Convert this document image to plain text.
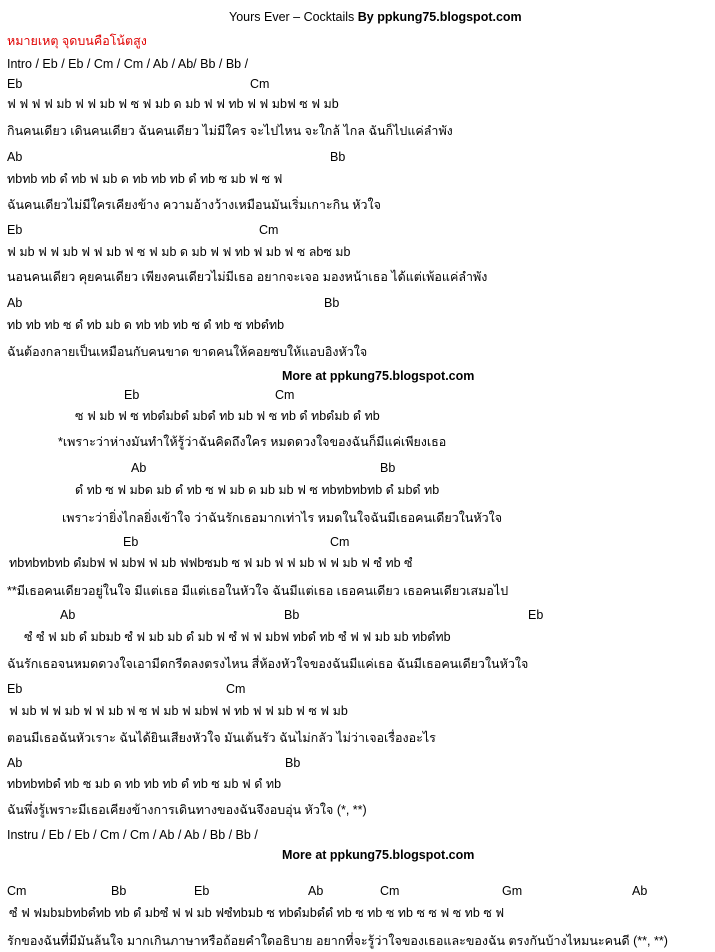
Yours Ever – Cocktails By ppkung75.blogspot.com
หมายเหตุ จุดบนคือโน้ตสูง
Intro / Eb / Eb / Cm / Cm / Ab / Ab/ Bb / Bb /
Eb	Cm
ฟ ฟ ฟ ฟ มb ฟ ฟ มb ฟ ซ ฟ มb ด มb ฟ ฟ ทb ฟ ฟ มbฟ ซ ฟ มb
กินคนเดียว เดินคนเดียว ฉันคนเดียว ไม่มีใคร จะไปไหน จะใกล้ ไกล ฉันก็ไปแค่ลำพัง
Ab	Bb
ทbทb ทb ดํ ทb ฟ มb ด ทb ทb ทb ดํ ทb ซ มb ฟ ซ ฟ
ฉันคนเดียวไม่มีใครเคียงข้าง ความอ้างว้างเหมือนมันเริ่มเกาะกิน หัวใจ
Eb	Cm
ฟ มb ฟ ฟ มb ฟ ฟ มb ฟ ซ ฟ มb ด มb ฟ ฟ ทb ฟ มb ฟ ซ ลbซ มb
นอนคนเดียว คุยคนเดียว เพียงคนเดียวไม่มีเธอ อยากจะเจอ มองหน้าเธอ ได้แต่เพ้อแค่ลำพัง
Ab	Bb
ทb ทb ทb ซ ดํ ทb มb ด ทb ทb ทb ซ ดํ ทb ซ ทbดํทb
ฉันต้องกลายเป็นเหมือนกับคนขาด ขาดคนให้คอยซบให้แอบอิงหัวใจ
More at ppkung75.blogspot.com
Eb	Cm
ซ ฟ มb ฟ ซ ทbดํมbดํ มbดํ ทb มb ฟ ซ ทb ดํ ทbดํมb ดํ ทb
*เพราะว่าห่างมันทำให้รู้ว่าฉันคิดถึงใคร หมดดวงใจของฉันก็มีแค่เพียงเธอ
Ab	Bb
ดํ ทb ซ ฟ มbด มb ดํ ทb ซ ฟ มb ด มb มb ฟ ซ ทbทbทbทb ดํ มbดํ ทb
เพราะว่ายิ่งไกลยิ่งเข้าใจ ว่าฉันรักเธอมากเท่าไร หมดในใจฉันมีเธอคนเดียวในหัวใจ
Eb	Cm
ทbทbทbทb ดํมbฟ ฟ มbฟ ฟ มb ฟฟbซมb ซ ฟ มb ฟ ฟ มb ฟ ฟ มb ฟ ซํ ทb ซํ
**มีเธอคนเดียวอยู่ในใจ มีแต่เธอ มีแต่เธอในหัวใจ ฉันมีแต่เธอ เธอคนเดียว เธอคนเดียวเสมอไป
Ab	Bb	Eb
ซํ ซํ ฟ มb ดํ มbมb ซํ ฟ มb มb ดํ มb ฟ ซํ ฟ ฟ มbฟ ทbดํ ทb ซํ ฟ ฟ มb มb ทbดํทb
ฉันรักเธอจนหมดดวงใจเอามีดกรีดลงตรงไหน สี่ห้องหัวใจของฉันมีแค่เธอ ฉันมีเธอคนเดียวในหัวใจ
Eb	Cm
ฟ มb ฟ ฟ มb ฟ ฟ มb ฟ ซ ฟ มb ฟ มbฟ ฟ ทb ฟ ฟ มb ฟ ซ ฟ มb
ตอนมีเธอฉันหัวเราะ ฉันได้ยินเสียงหัวใจ มันเต้นรัว ฉันไม่กลัว ไม่ว่าเจอเรื่องอะไร
Ab	Bb
ทbทbทbดํ ทb ซ มb ด ทb ทb ทb ดํ ทb ซ มb ฟ ดํ ทb
ฉันพึ่งรู้เพราะมีเธอเคียงข้างการเดินทางของฉันจึงอบอุ่น หัวใจ (*, **)
Instru / Eb / Eb / Cm / Cm / Ab / Ab / Bb / Bb /
More at ppkung75.blogspot.com
Cm	Bb	Eb	Ab	Cm	Gm	Ab
ซํ ฟ ฟมbมbทbดํทb ทb ดํ มbซํ ฟ ฟ มb ฟซํทbมb ซ ทbดํมbดํดํ ทb ซ ทb ซ ทb ซ ซ ฟ ซ ทb ซ ฟ
รักของฉันที่มีมันล้นใจ มากเกินภาษาหรือถ้อยคำใดอธิบาย อยากที่จะรู้ว่าใจของเธอและของฉัน ตรงกันบ้างไหมนะคนดี (**, **)
